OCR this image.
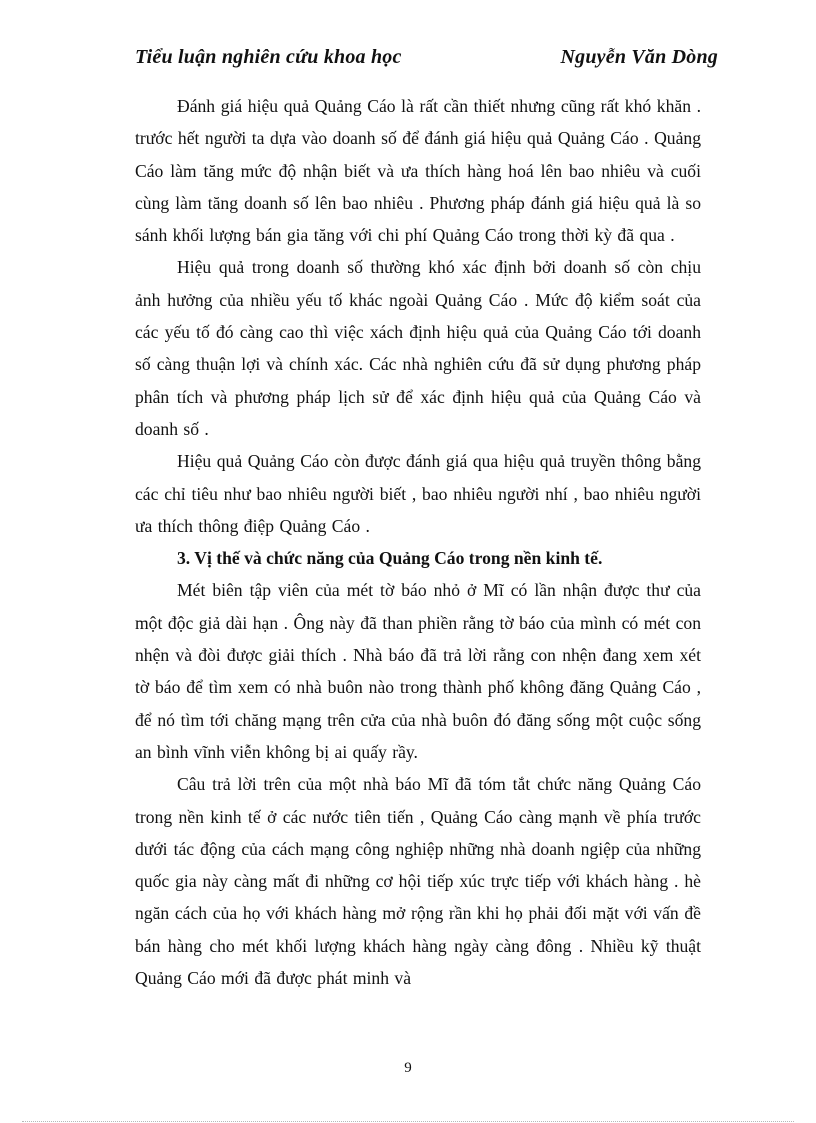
Tiểu luận nghiên cứu khoa học	Nguyễn Văn Dòng

Đánh giá hiệu quả Quảng Cáo là rất cần thiết nhưng cũng rất khó khăn . trước hết người ta dựa vào doanh số để đánh giá hiệu quả Quảng Cáo . Quảng Cáo làm tăng mức độ nhận biết và ưa thích hàng hoá lên bao nhiêu và cuối cùng làm tăng doanh số lên bao nhiêu . Phương pháp đánh giá hiệu quả là so sánh khối lượng bán gia tăng với chi phí Quảng Cáo trong thời kỳ đã qua .

Hiệu quả trong doanh số thường khó xác định bởi doanh số còn chịu ảnh hưởng của nhiều yếu tố khác ngoài Quảng Cáo . Mức độ kiểm soát của các yếu tố đó càng cao thì việc xách định hiệu quả của Quảng Cáo tới doanh số càng thuận lợi và chính xác. Các nhà nghiên cứu đã sử dụng phương pháp phân tích và phương pháp lịch sử để xác định hiệu quả của Quảng Cáo và doanh số .

Hiệu quả Quảng Cáo còn được đánh giá qua hiệu quả truyền thông bằng các chỉ tiêu như bao nhiêu người biết , bao nhiêu người nhí , bao nhiêu người ưa thích thông điệp Quảng Cáo .

3. Vị thế và chức năng của Quảng Cáo trong nền kinh tế.

Mét biên tập viên của mét tờ báo nhỏ ở Mĩ có lần nhận được thư của một độc giả dài hạn . Ông này đã than phiền rằng tờ báo của mình có mét con nhện và đòi được giải thích . Nhà báo đã trả lời rằng con nhện đang xem xét tờ báo để tìm xem có nhà buôn nào trong thành phố không đăng Quảng Cáo , để nó tìm tới chăng mạng trên cửa của nhà buôn đó đăng sống một cuộc sống an bình vĩnh viễn không bị ai quấy rầy.

Câu trả lời trên của một nhà báo Mĩ đã tóm tắt chức năng Quảng Cáo trong nền kinh tế ở các nước tiên tiến , Quảng Cáo càng mạnh về phía trước dưới tác động của cách mạng công nghiệp những nhà doanh ngiệp của những quốc gia này càng mất đi những cơ hội tiếp xúc trực tiếp với khách hàng . hè ngăn cách của họ với khách hàng mở rộng rần khi họ phải đối mặt với vấn đề bán hàng cho mét khối lượng khách hàng ngày càng đông . Nhiều kỹ thuật Quảng Cáo mới đã được phát minh và

9
